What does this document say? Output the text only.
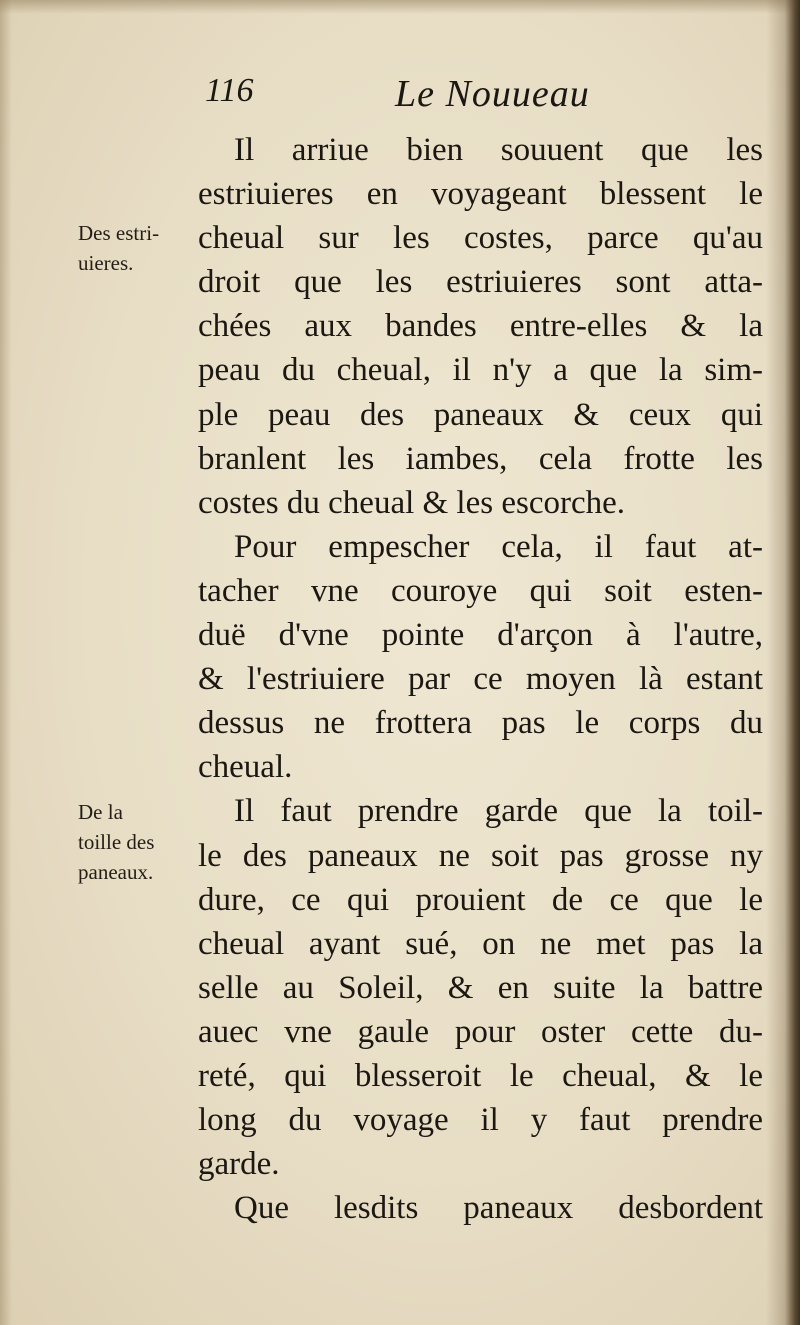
116	Le Nouueau
Des estri-
uieres.
De la
toille des
paneaux.
Il arriue bien souuent que les
estriuieres en voyageant blessent le
cheual sur les costes, parce qu'au
droit que les estriuieres sont atta-
chées aux bandes entre-elles & la
peau du cheual, il n'y a que la sim-
ple peau des paneaux & ceux qui
branlent les iambes, cela frotte les
costes du cheual & les escorche.
Pour empescher cela, il faut at-
tacher vne couroye qui soit esten-
duë d'vne pointe d'arçon à l'autre,
& l'estriuiere par ce moyen là estant
dessus ne frottera pas le corps du
cheual.
Il faut prendre garde que la toil-
le des paneaux ne soit pas grosse ny
dure, ce qui prouient de ce que le
cheual ayant sué, on ne met pas la
selle au Soleil, & en suite la battre
auec vne gaule pour oster cette du-
reté, qui blesseroit le cheual, & le
long du voyage il y faut prendre
garde.
Que lesdits paneaux desbordent
